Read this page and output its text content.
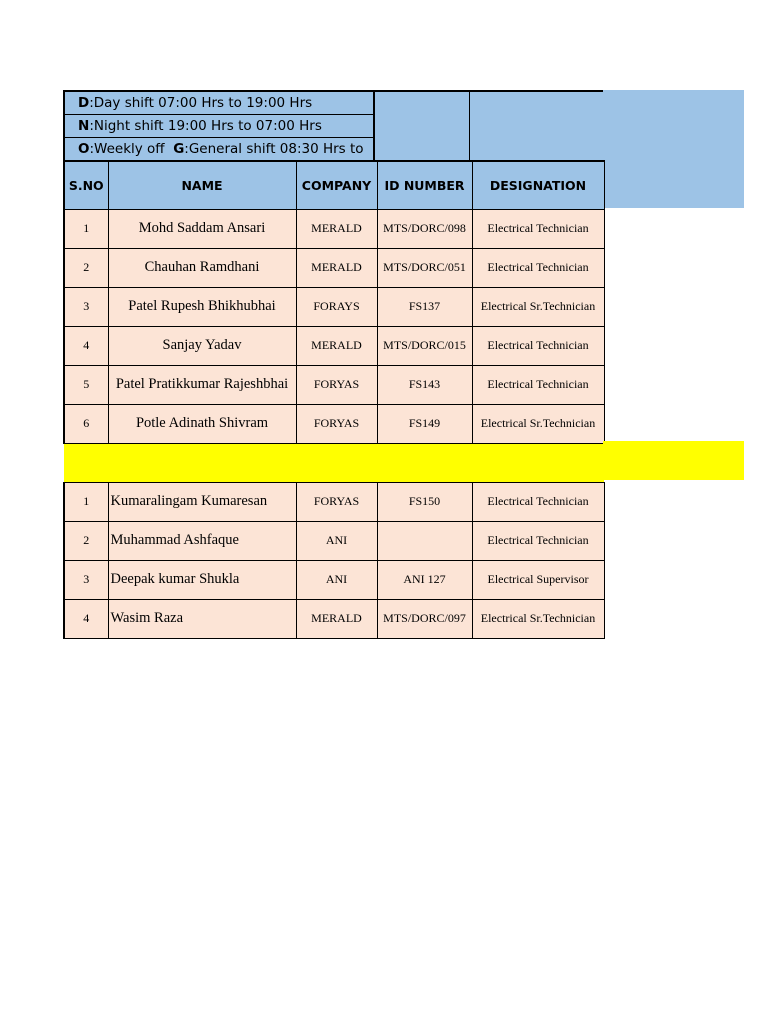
D:Day shift 07:00 Hrs to 19:00 Hrs
N:Night shift 19:00 Hrs to 07:00 Hrs
O:Weekly off  G:General shift 08:30 Hrs to
S.NO	NAME	COMPANY	ID NUMBER	DESIGNATION
1	Mohd Saddam Ansari	MERALD	MTS/DORC/098	Electrical Technician
2	Chauhan Ramdhani	MERALD	MTS/DORC/051	Electrical Technician
3	Patel Rupesh Bhikhubhai	FORAYS	FS137	Electrical Sr.Technician
4	Sanjay Yadav	MERALD	MTS/DORC/015	Electrical Technician
5	Patel Pratikkumar Rajeshbhai	FORYAS	FS143	Electrical Technician
6	Potle Adinath Shivram	FORYAS	FS149	Electrical Sr.Technician

1	Kumaralingam Kumaresan	FORYAS	FS150	Electrical Technician
2	Muhammad Ashfaque	ANI		Electrical Technician
3	Deepak kumar Shukla	ANI	ANI 127	Electrical Supervisor
4	Wasim Raza	MERALD	MTS/DORC/097	Electrical Sr.Technician
